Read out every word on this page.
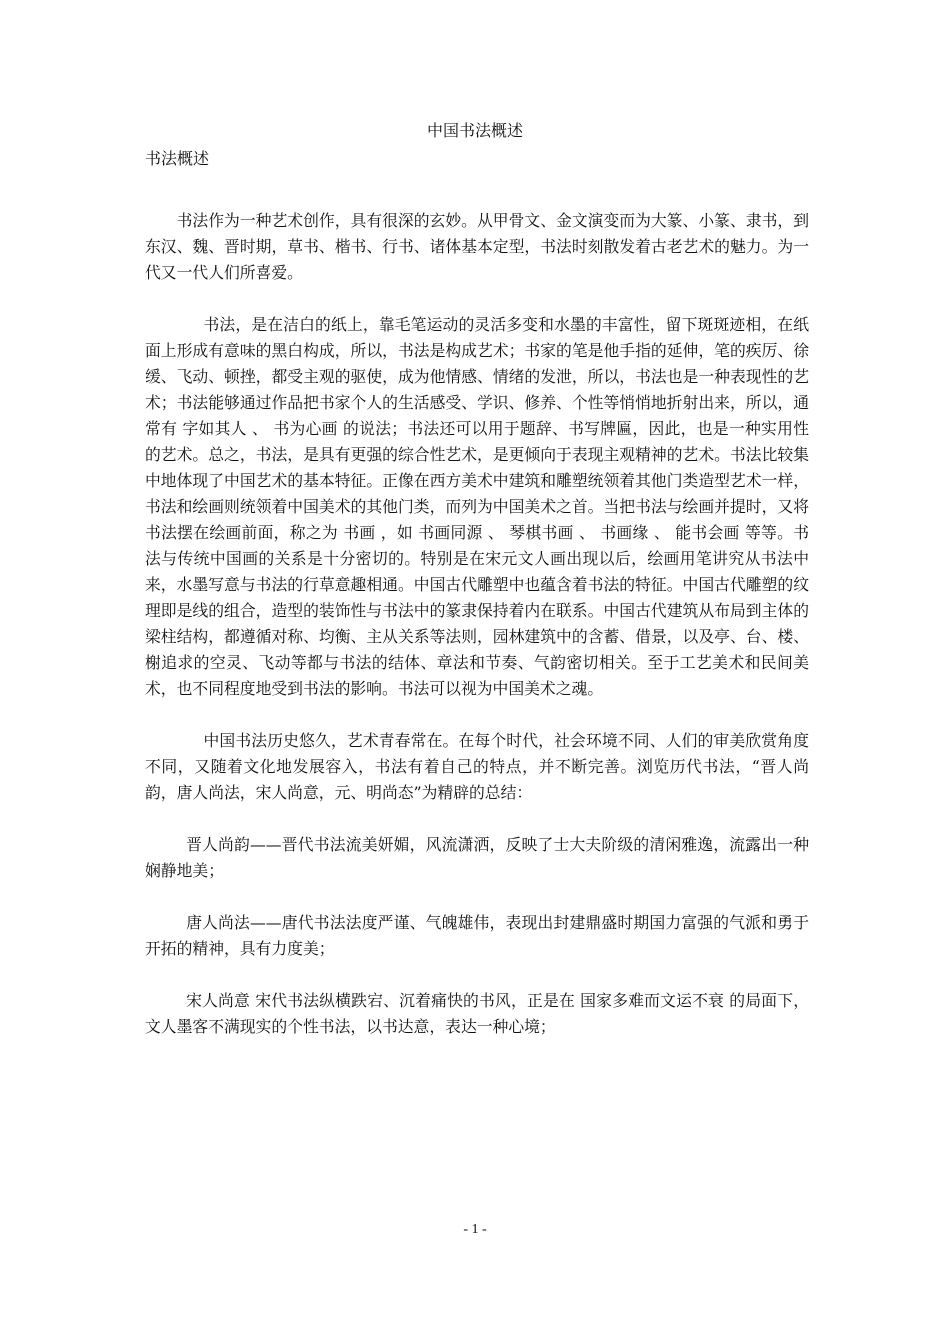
中国书法概述
书法概述

书法作为一种艺术创作，具有很深的玄妙。从甲骨文、金文演变而为大篆、小篆、隶书，到东汉、魏、晋时期，草书、楷书、行书、诸体基本定型，书法时刻散发着古老艺术的魅力。为一代又一代人们所喜爱。

书法，是在洁白的纸上，靠毛笔运动的灵活多变和水墨的丰富性，留下斑斑迹相，在纸面上形成有意味的黑白构成，所以，书法是构成艺术；书家的笔是他手指的延伸，笔的疾厉、徐缓、飞动、顿挫，都受主观的驱使，成为他情感、情绪的发泄，所以，书法也是一种表现性的艺术；书法能够通过作品把书家个人的生活感受、学识、修养、个性等悄悄地折射出来，所以，通常有 字如其人 、 书为心画 的说法；书法还可以用于题辞、书写牌匾，因此，也是一种实用性的艺术。总之，书法，是具有更强的综合性艺术，是更倾向于表现主观精神的艺术。书法比较集中地体现了中国艺术的基本特征。正像在西方美术中建筑和雕塑统领着其他门类造型艺术一样，书法和绘画则统领着中国美术的其他门类，而列为中国美术之首。当把书法与绘画并提时，又将书法摆在绘画前面，称之为 书画 ，如 书画同源 、 琴棋书画 、 书画缘 、 能书会画 等等。书法与传统中国画的关系是十分密切的。特别是在宋元文人画出现以后，绘画用笔讲究从书法中来，水墨写意与书法的行草意趣相通。中国古代雕塑中也蕴含着书法的特征。中国古代雕塑的纹理即是线的组合，造型的装饰性与书法中的篆隶保持着内在联系。中国古代建筑从布局到主体的梁柱结构，都遵循对称、均衡、主从关系等法则，园林建筑中的含蓄、借景，以及亭、台、楼、榭追求的空灵、飞动等都与书法的结体、章法和节奏、气韵密切相关。至于工艺美术和民间美术，也不同程度地受到书法的影响。书法可以视为中国美术之魂。

中国书法历史悠久，艺术青春常在。在每个时代，社会环境不同、人们的审美欣赏角度不同，又随着文化地发展容入，书法有着自己的特点，并不断完善。浏览历代书法，“晋人尚韵，唐人尚法，宋人尚意，元、明尚态”为精辟的总结：

晋人尚韵——晋代书法流美妍媚，风流潇洒，反映了士大夫阶级的清闲雅逸，流露出一种娴静地美；

唐人尚法——唐代书法法度严谨、气魄雄伟，表现出封建鼎盛时期国力富强的气派和勇于开拓的精神，具有力度美；

宋人尚意 宋代书法纵横跌宕、沉着痛快的书风，正是在 国家多难而文运不衰 的局面下，文人墨客不满现实的个性书法，以书达意，表达一种心境；

- 1 -
